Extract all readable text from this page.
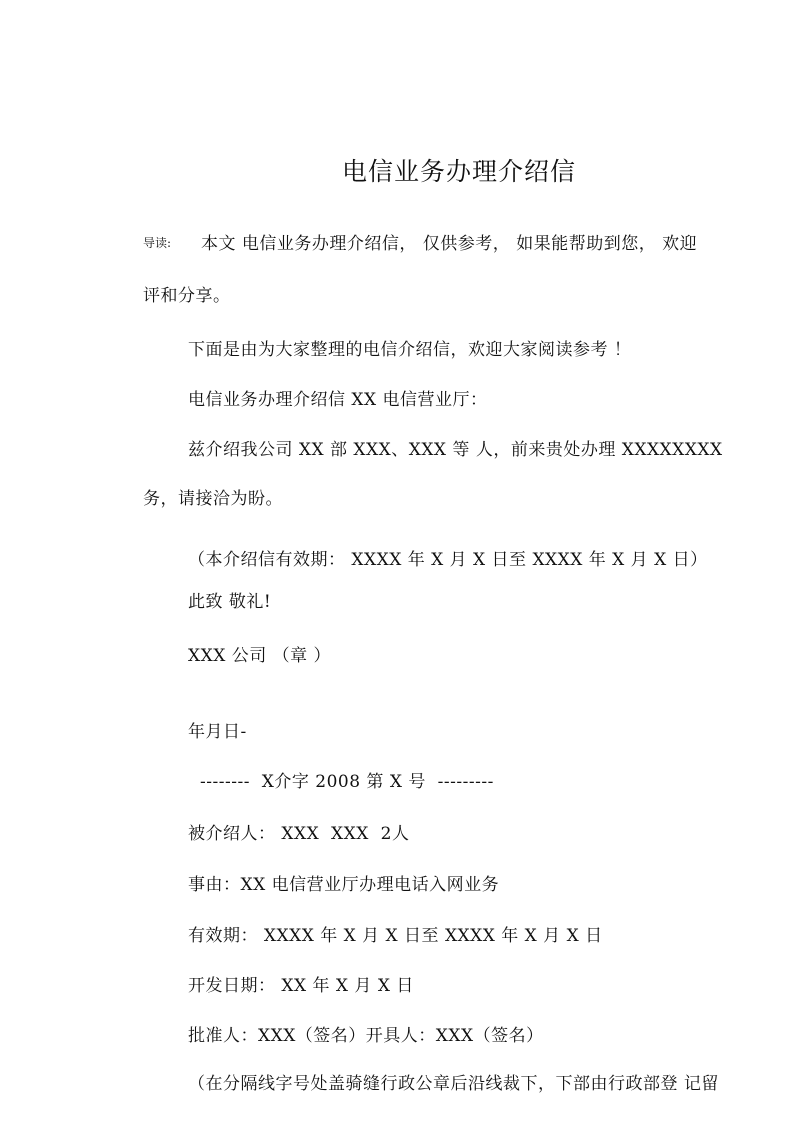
电信业务办理介绍信
导读: 本文 电信业务办理介绍信， 仅供参考， 如果能帮助到您， 欢迎
评和分享。
下面是由为大家整理的电信介绍信，欢迎大家阅读参考 ！
电信业务办理介绍信 XX 电信营业厅：
兹介绍我公司 XX 部 XXX、XXX 等 人，前来贵处办理 XXXXXXXX
务，请接洽为盼。
（本介绍信有效期： XXXX 年 X 月 X 日至 XXXX 年 X 月 X 日）
此致 敬礼!
XXX 公司 （章 ）
年月日-
--------  X介字 2008 第 X 号  ---------
被介绍人： XXX  XXX  2人
事由：XX 电信营业厅办理电话入网业务
有效期： XXXX 年 X 月 X 日至 XXXX 年 X 月 X 日
开发日期： XX 年 X 月 X 日
批准人：XXX（签名）开具人：XXX（签名）
（在分隔线字号处盖骑缝行政公章后沿线裁下，下部由行政部登 记留
